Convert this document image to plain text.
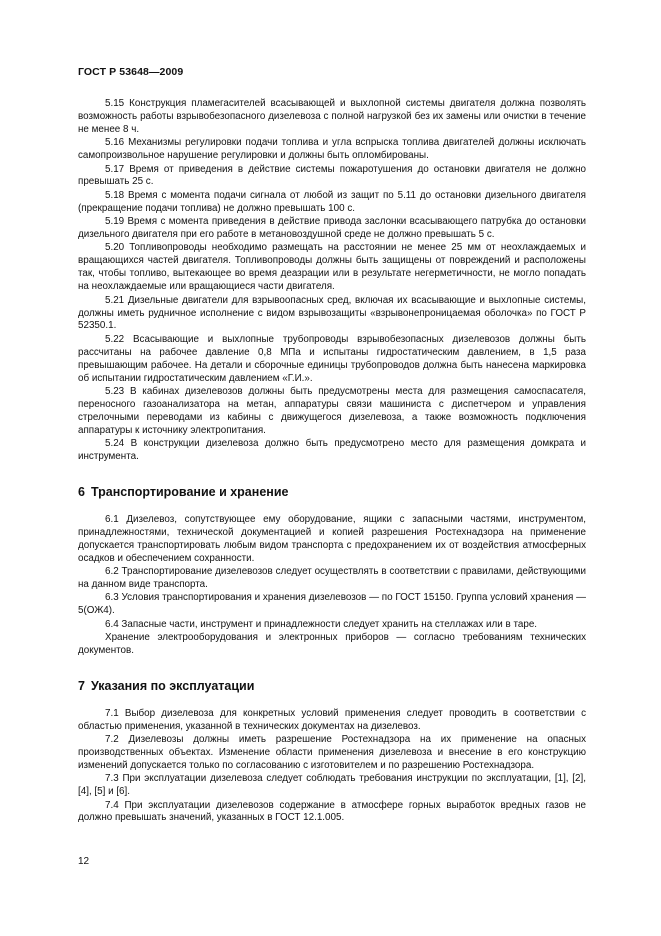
ГОСТ Р 53648—2009

5.15 Конструкция пламегасителей всасывающей и выхлопной системы двигателя должна позволять возможность работы взрывобезопасного дизелевоза с полной нагрузкой без их замены или очистки в течение не менее 8 ч.

5.16 Механизмы регулировки подачи топлива и угла вспрыска топлива двигателей должны исключать самопроизвольное нарушение регулировки и должны быть опломбированы.

5.17 Время от приведения в действие системы пожаротушения до остановки двигателя не должно превышать 25 с.

5.18 Время с момента подачи сигнала от любой из защит по 5.11 до остановки дизельного двигателя (прекращение подачи топлива) не должно превышать 100 с.

5.19 Время с момента приведения в действие привода заслонки всасывающего патрубка до остановки дизельного двигателя при его работе в метановоздушной среде не должно превышать 5 с.

5.20 Топливопроводы необходимо размещать на расстоянии не менее 25 мм от неохлаждаемых и вращающихся частей двигателя. Топливопроводы должны быть защищены от повреждений и расположены так, чтобы топливо, вытекающее во время деазрации или в результате негерметичности, не могло попадать на неохлаждаемые или вращающиеся части двигателя.

5.21 Дизельные двигатели для взрывоопасных сред, включая их всасывающие и выхлопные системы, должны иметь рудничное исполнение с видом взрывозащиты «взрывонепроницаемая оболочка» по ГОСТ Р 52350.1.

5.22 Всасывающие и выхлопные трубопроводы взрывобезопасных дизелевозов должны быть рассчитаны на рабочее давление 0,8 МПа и испытаны гидростатическим давлением, в 1,5 раза превышающим рабочее. На детали и сборочные единицы трубопроводов должна быть нанесена маркировка об испытании гидростатическим давлением «Г.И.».

5.23 В кабинах дизелевозов должны быть предусмотрены места для размещения самоспасателя, переносного газоанализатора на метан, аппаратуры связи машиниста с диспетчером и управления стрелочными переводами из кабины с движущегося дизелевоза, а также возможность подключения аппаратуры к источнику электропитания.

5.24 В конструкции дизелевоза должно быть предусмотрено место для размещения домкрата и инструмента.

6 Транспортирование и хранение

6.1 Дизелевоз, сопутствующее ему оборудование, ящики с запасными частями, инструментом, принадлежностями, технической документацией и копией разрешения Ростехнадзора на применение допускается транспортировать любым видом транспорта с предохранением их от воздействия атмосферных осадков и обеспечением сохранности.

6.2 Транспортирование дизелевозов следует осуществлять в соответствии с правилами, действующими на данном виде транспорта.

6.3 Условия транспортирования и хранения дизелевозов — по ГОСТ 15150. Группа условий хранения — 5(ОЖ4).

6.4 Запасные части, инструмент и принадлежности следует хранить на стеллажах или в таре.

Хранение электрооборудования и электронных приборов — согласно требованиям технических документов.

7 Указания по эксплуатации

7.1 Выбор дизелевоза для конкретных условий применения следует проводить в соответствии с областью применения, указанной в технических документах на дизелевоз.

7.2 Дизелевозы должны иметь разрешение Ростехнадзора на их применение на опасных производственных объектах. Изменение области применения дизелевоза и внесение в его конструкцию изменений допускается только по согласованию с изготовителем и по разрешению Ростехнадзора.

7.3 При эксплуатации дизелевоза следует соблюдать требования инструкции по эксплуатации, [1], [2], [4], [5] и [6].

7.4 При эксплуатации дизелевозов содержание в атмосфере горных выработок вредных газов не должно превышать значений, указанных в ГОСТ 12.1.005.

12
